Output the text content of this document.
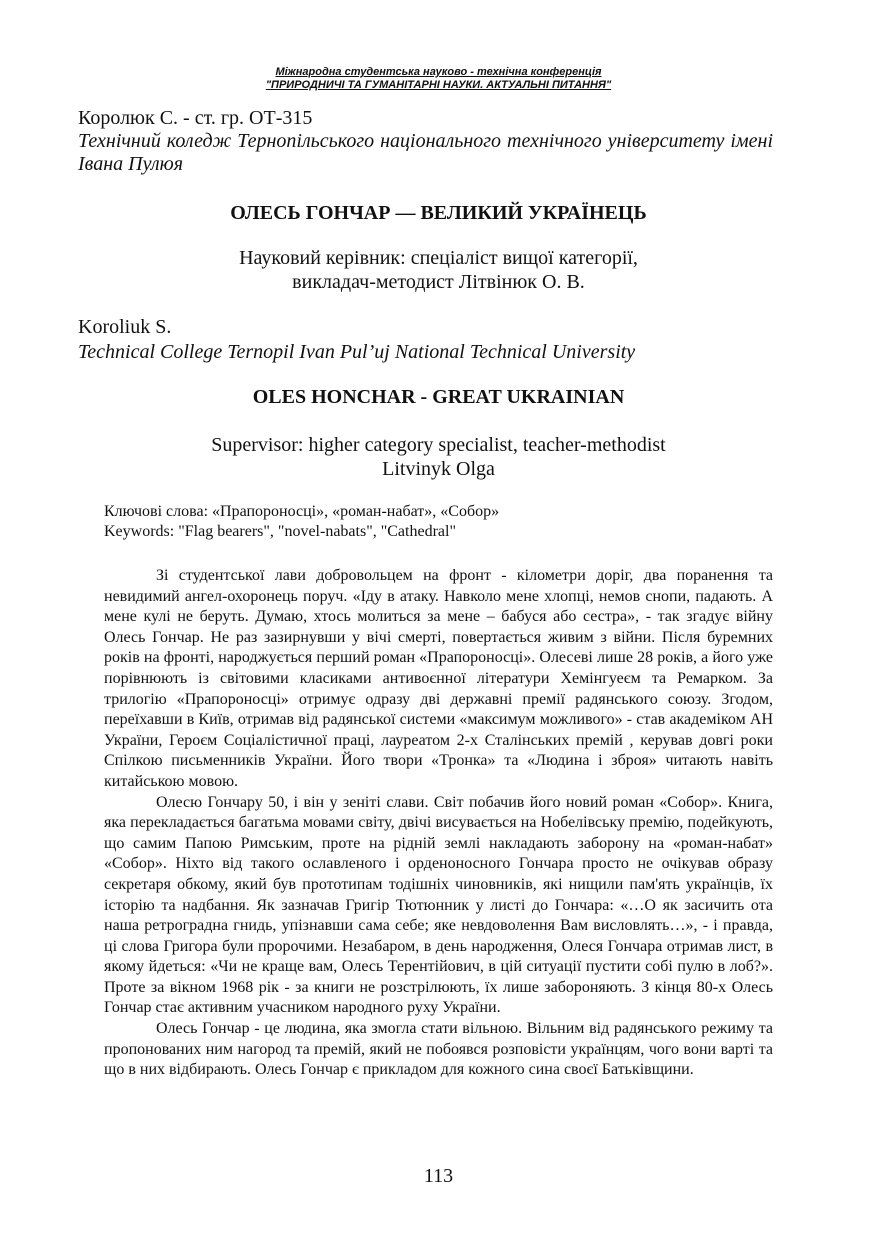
Міжнародна студентська науково - технічна конференція
"ПРИРОДНИЧІ ТА ГУМАНІТАРНІ НАУКИ. АКТУАЛЬНІ ПИТАННЯ"
Королюк С. - ст. гр. ОТ-315
Технічний коледж Тернопільського національного технічного університету імені Івана Пулюя
ОЛЕСЬ ГОНЧАР — ВЕЛИКИЙ УКРАЇНЕЦЬ
Науковий керівник: спеціаліст вищої категорії,
викладач-методист Літвінюк О. В.
Koroliuk S.
Technical College Ternopil Ivan Pul’uj National Technical University
OLES HONCHAR - GREAT UKRAINIAN
Supervisor: higher category specialist, teacher-methodist
Litvinyk Olga
Ключові слова: «Прапороносці», «роман-набат», «Собор»
Keywords: "Flag bearers", "novel-nabats", "Cathedral"

Зі студентської лави добровольцем на фронт - кілометри доріг, два поранення та невидимий ангел-охоронець поруч. «Іду в атаку. Навколо мене хлопці, немов снопи, падають. А мене кулі не беруть. Думаю, хтось молиться за мене – бабуся або сестра», - так згадує війну Олесь Гончар. Не раз зазирнувши у вічі смерті, повертається живим з війни. Після буремних років на фронті, народжується перший роман «Прапороносці». Олесеві лише 28 років, а його уже порівнюють із світовими класиками антивоєнної літератури Хемінгуеєм та Ремарком. За трилогію «Прапороносці» отримує одразу дві державні премії радянського союзу. Згодом, переїхавши в Київ, отримав від радянської системи «максимум можливого» - став академіком АН України, Героєм Соціалістичної праці, лауреатом 2-х Сталінських премій , керував довгі роки Спілкою письменників України. Його твори «Тронка» та «Людина і зброя» читають навіть китайською мовою.

Олесю Гончару 50, і він у зеніті слави. Світ побачив його новий роман «Собор». Книга, яка перекладається багатьма мовами світу, двічі висувається на Нобелівську премію, подейкують, що самим Папою Римським, проте на рідній землі накладають заборону на «роман-набат» «Собор». Ніхто від такого ославленого і орденоносного Гончара просто не очікував образу секретаря обкому, який був прототипам тодішніх чиновників, які нищили пам'ять українців, їх історію та надбання. Як зазначав Григір Тютюнник у листі до Гончара: «…О як засичить ота наша ретроградна гнидь, упізнавши сама себе; яке невдоволення Вам висловлять…», - і правда, ці слова Григора були пророчими. Незабаром, в день народження, Олеся Гончара отримав лист, в якому йдеться: «Чи не краще вам, Олесь Терентійович, в цій ситуації пустити собі пулю в лоб?». Проте за вікном 1968 рік - за книги не розстрілюють, їх лише забороняють. З кінця 80-х Олесь Гончар стає активним учасником народного руху України.

Олесь Гончар - це людина, яка змогла стати вільною. Вільним від радянського режиму та пропонованих ним нагород та премій, який не побоявся розповісти українцям, чого вони варті та що в них відбирають. Олесь Гончар є прикладом для кожного сина своєї Батьківщини.

113
